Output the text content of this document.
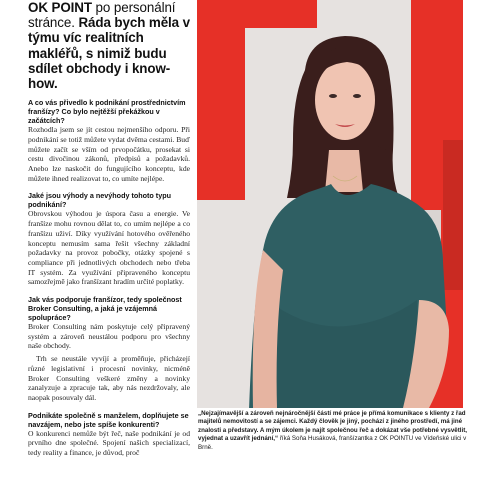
OK POINT po personální stránce. Ráda bych měla v týmu víc realitních makléřů, s nimiž budu sdílet obchody i know-how.

A co vás přivedlo k podnikání prostřednictvím franšízy? Co bylo nejtěžší překážkou v začátcích?

Rozhodla jsem se jít cestou nejmenšího odporu. Při podnikání se totiž můžete vydat dvěma cestami. Buď můžete začít se vším od prvopočátku, prosekat si cestu divočinou zákonů, předpisů a požadavků. Anebo lze naskočit do fungujícího konceptu, kde můžete ihned realizovat to, co umíte nejlépe.

Jaké jsou výhody a nevýhody tohoto typu podnikání?

Obrovskou výhodou je úspora času a energie. Ve franšíze mohu rovnou dělat to, co umím nejlépe a co franšízu uživí. Díky využívání hotového ověřeného konceptu nemusím sama řešit všechny základní požadavky na provoz pobočky, otázky spojené s compliance při jednotlivých obchodech nebo třeba IT systém. Za využívání připraveného konceptu samozřejmě jako franšízant hradím určité poplatky.

Jak vás podporuje franšízor, tedy společnost Broker Consulting, a jaká je vzájemná spolupráce?

Broker Consulting nám poskytuje celý připravený systém a zároveň neustálou podporu pro všechny naše obchody.

Trh se neustále vyvíjí a proměňuje, přicházejí různé legislativní i procesní novinky, nicméně Broker Consulting veškeré změny a novinky zanalyzuje a zpracuje tak, aby nás nezdržovaly, ale naopak posouvaly dál.

Podnikáte společně s manželem, doplňujete se navzájem, nebo jste spíše konkurenti?

O konkurenci nemůže být řeč, naše podnikání je od prvního dne společné. Spojení našich specializací, tedy reality a finance, je důvod, proč

„Nejzajímavější a zároveň nejnáročnější částí mé práce je přímá komunikace s klienty z řad majitelů nemovitostí a se zájemci. Každý člověk je jiný, pochází z jiného prostředí, má jiné znalosti a představy. A mým úkolem je najít společnou řeč a dokázat vše potřebné vysvětlit, vyjednat a uzavřít jednání,“ říká Soňa Husáková, franšízantka z OK POINTU ve Vídeňské ulici v Brně.
